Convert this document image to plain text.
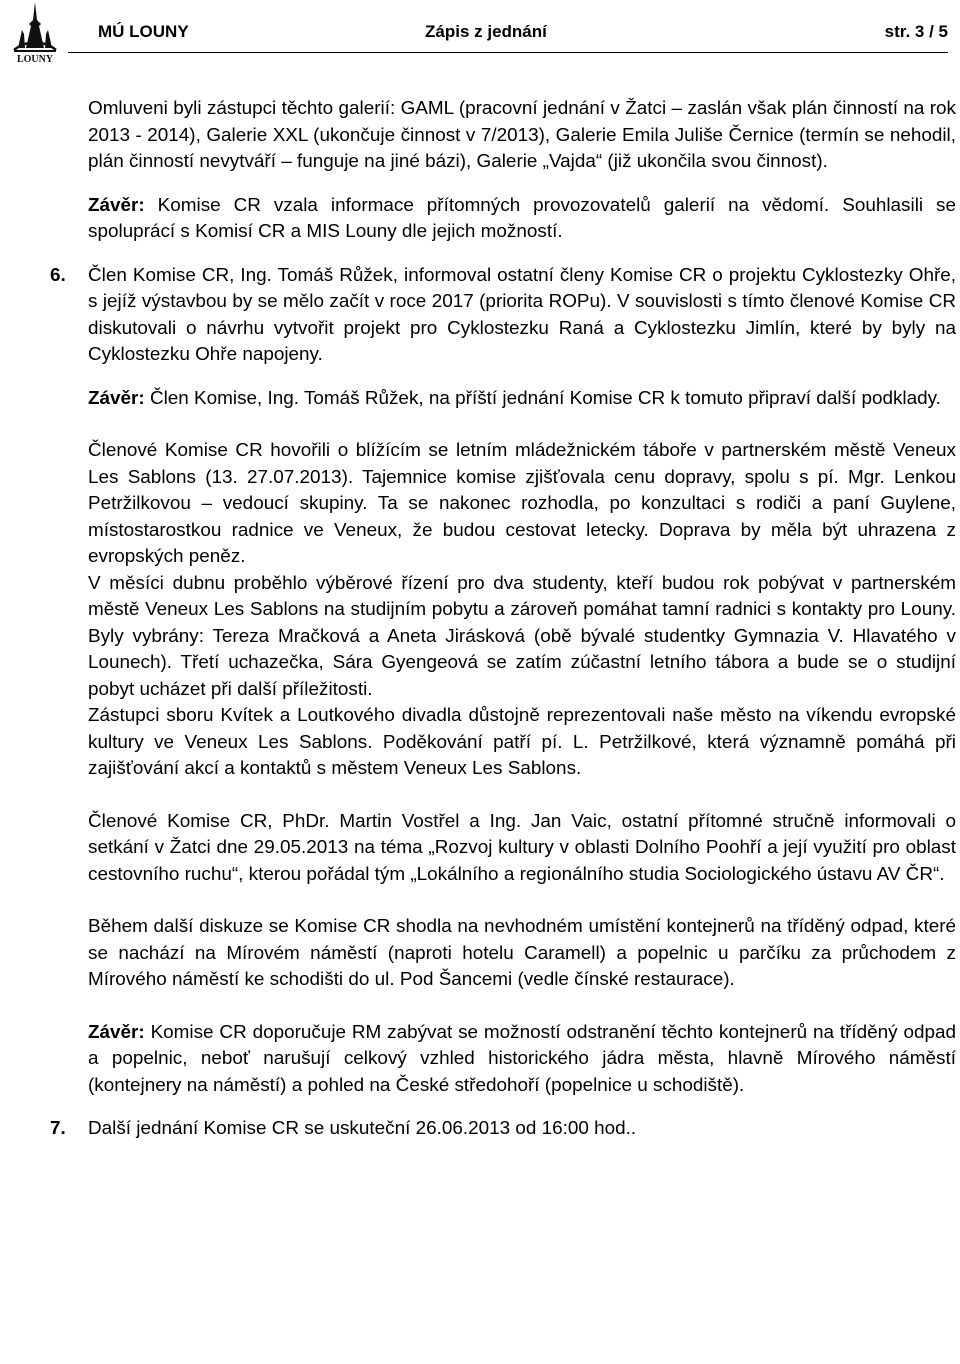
LOUNY
MÚ LOUNY	Zápis z jednání	str. 3 / 5

Omluveni byli zástupci těchto galerií: GAML (pracovní jednání v Žatci – zaslán však plán činností na rok 2013 - 2014), Galerie XXL (ukončuje činnost v 7/2013), Galerie Emila Juliše Černice (termín se nehodil, plán činností nevytváří – funguje na jiné bázi), Galerie „Vajda“ (již ukončila svou činnost).

Závěr: Komise CR vzala informace přítomných provozovatelů galerií na vědomí. Souhlasili se spoluprácí s Komisí CR a MIS Louny dle jejich možností.

6. Člen Komise CR, Ing. Tomáš Růžek, informoval ostatní členy Komise CR o projektu Cyklostezky Ohře, s jejíž výstavbou by se mělo začít v roce 2017 (priorita ROPu). V souvislosti s tímto členové Komise CR diskutovali o návrhu vytvořit projekt pro Cyklostezku Raná a Cyklostezku Jimlín, které by byly na Cyklostezku Ohře napojeny.

Závěr: Člen Komise, Ing. Tomáš Růžek, na příští jednání Komise CR k tomuto připraví další podklady.

Členové Komise CR hovořili o blížícím se letním mládežnickém táboře v partnerském městě Veneux Les Sablons (13. 27.07.2013). Tajemnice komise zjišťovala cenu dopravy, spolu s pí. Mgr. Lenkou Petržilkovou – vedoucí skupiny. Ta se nakonec rozhodla, po konzultaci s rodiči a paní Guylene, místostarostkou radnice ve Veneux, že budou cestovat letecky. Doprava by měla být uhrazena z evropských peněz.

V měsíci dubnu proběhlo výběrové řízení pro dva studenty, kteří budou rok pobývat v partnerském městě Veneux Les Sablons na studijním pobytu a zároveň pomáhat tamní radnici s kontakty pro Louny. Byly vybrány: Tereza Mračková a Aneta Jirásková (obě bývalé studentky Gymnazia V. Hlavatého v Lounech). Třetí uchazečka, Sára Gyengeová se zatím zúčastní letního tábora a bude se o studijní pobyt ucházet při další příležitosti.

Zástupci sboru Kvítek a Loutkového divadla důstojně reprezentovali naše město na víkendu evropské kultury ve Veneux Les Sablons. Poděkování patří pí. L. Petržilkové, která významně pomáhá při zajišťování akcí a kontaktů s městem Veneux Les Sablons.

Členové Komise CR, PhDr. Martin Vostřel a Ing. Jan Vaic, ostatní přítomné stručně informovali o setkání v Žatci dne 29.05.2013 na téma „Rozvoj kultury v oblasti Dolního Poohří a její využití pro oblast cestovního ruchu“, kterou pořádal tým „Lokálního a regionálního studia Sociologického ústavu AV ČR“.

Během další diskuze se Komise CR shodla na nevhodném umístění kontejnerů na tříděný odpad, které se nachází na Mírovém náměstí (naproti hotelu Caramell) a popelnic u parčíku za průchodem z Mírového náměstí ke schodišti do ul. Pod Šancemi (vedle čínské restaurace).

Závěr: Komise CR doporučuje RM zabývat se možností odstranění těchto kontejnerů na tříděný odpad a popelnic, neboť narušují celkový vzhled historického jádra města, hlavně Mírového náměstí (kontejnery na náměstí) a pohled na České středohoří (popelnice u schodiště).

7. Další jednání Komise CR se uskuteční 26.06.2013 od 16:00 hod..
